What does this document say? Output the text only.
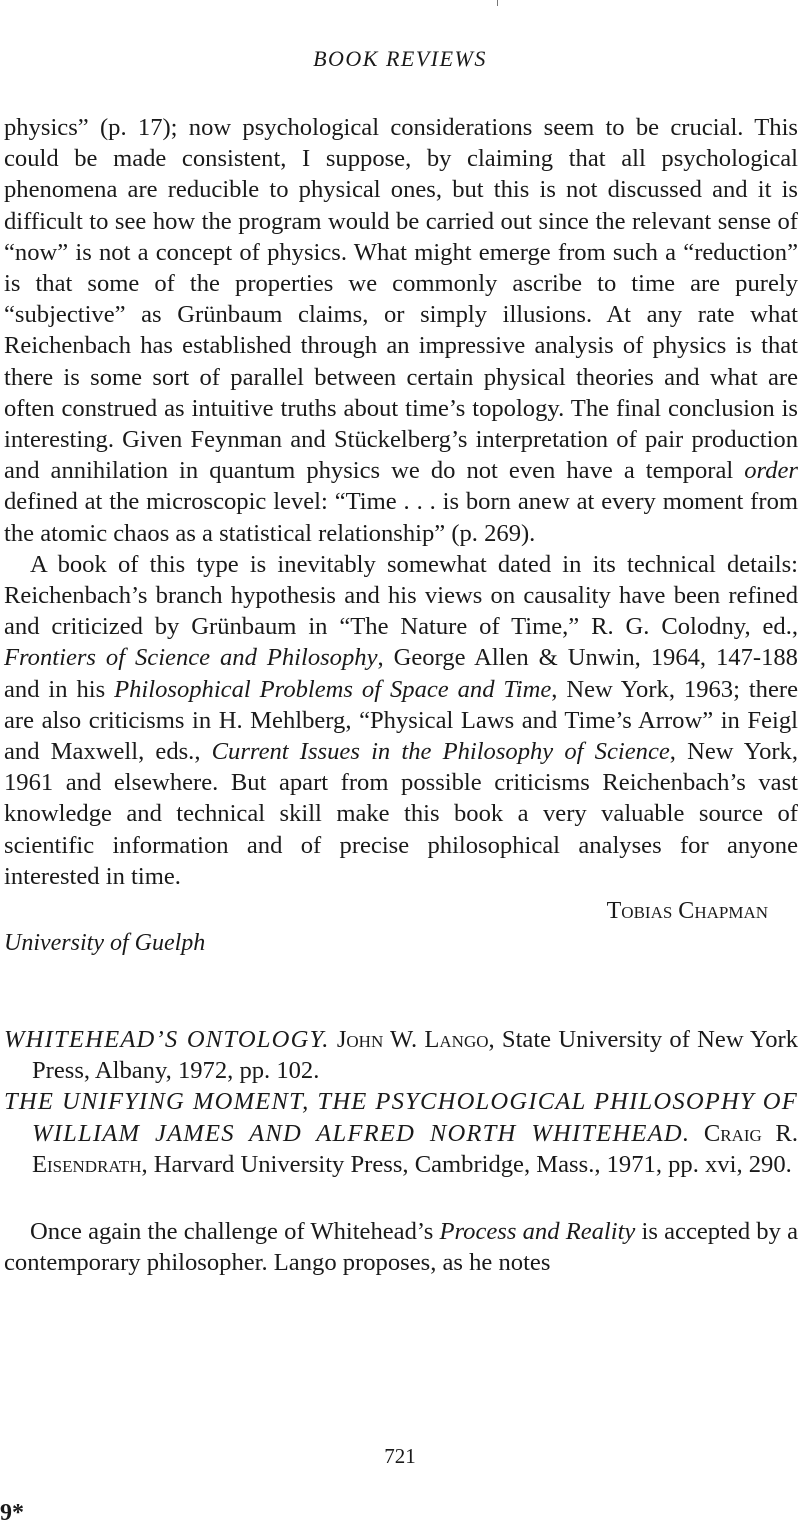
BOOK REVIEWS

physics” (p. 17); now psychological considerations seem to be crucial. This could be made consistent, I suppose, by claiming that all psychological phenomena are reducible to physical ones, but this is not discussed and it is difficult to see how the program would be carried out since the relevant sense of “now” is not a concept of physics. What might emerge from such a “reduction” is that some of the properties we commonly ascribe to time are purely “subjective” as Grünbaum claims, or simply illusions. At any rate what Reichenbach has established through an impressive analysis of physics is that there is some sort of parallel between certain physical theories and what are often construed as intuitive truths about time’s topology. The final conclusion is interesting. Given Feynman and Stückelberg’s interpretation of pair production and annihilation in quantum physics we do not even have a temporal order defined at the microscopic level: “Time . . . is born anew at every moment from the atomic chaos as a statistical relationship” (p. 269).

A book of this type is inevitably somewhat dated in its technical details: Reichenbach’s branch hypothesis and his views on causality have been refined and criticized by Grünbaum in “The Nature of Time,” R. G. Colodny, ed., Frontiers of Science and Philosophy, George Allen & Unwin, 1964, 147-188 and in his Philosophical Problems of Space and Time, New York, 1963; there are also criticisms in H. Mehlberg, “Physical Laws and Time’s Arrow” in Feigl and Maxwell, eds., Current Issues in the Philosophy of Science, New York, 1961 and elsewhere. But apart from possible criticisms Reichenbach’s vast knowledge and technical skill make this book a very valuable source of scientific information and of precise philosophical analyses for anyone interested in time.

Tobias Chapman
University of Guelph

WHITEHEAD’S ONTOLOGY. John W. Lango, State University of New York Press, Albany, 1972, pp. 102.

THE UNIFYING MOMENT, THE PSYCHOLOGICAL PHILOSOPHY OF WILLIAM JAMES AND ALFRED NORTH WHITEHEAD. Craig R. Eisendrath, Harvard University Press, Cambridge, Mass., 1971, pp. xvi, 290.

Once again the challenge of Whitehead’s Process and Reality is accepted by a contemporary philosopher. Lango proposes, as he notes

721
9*
